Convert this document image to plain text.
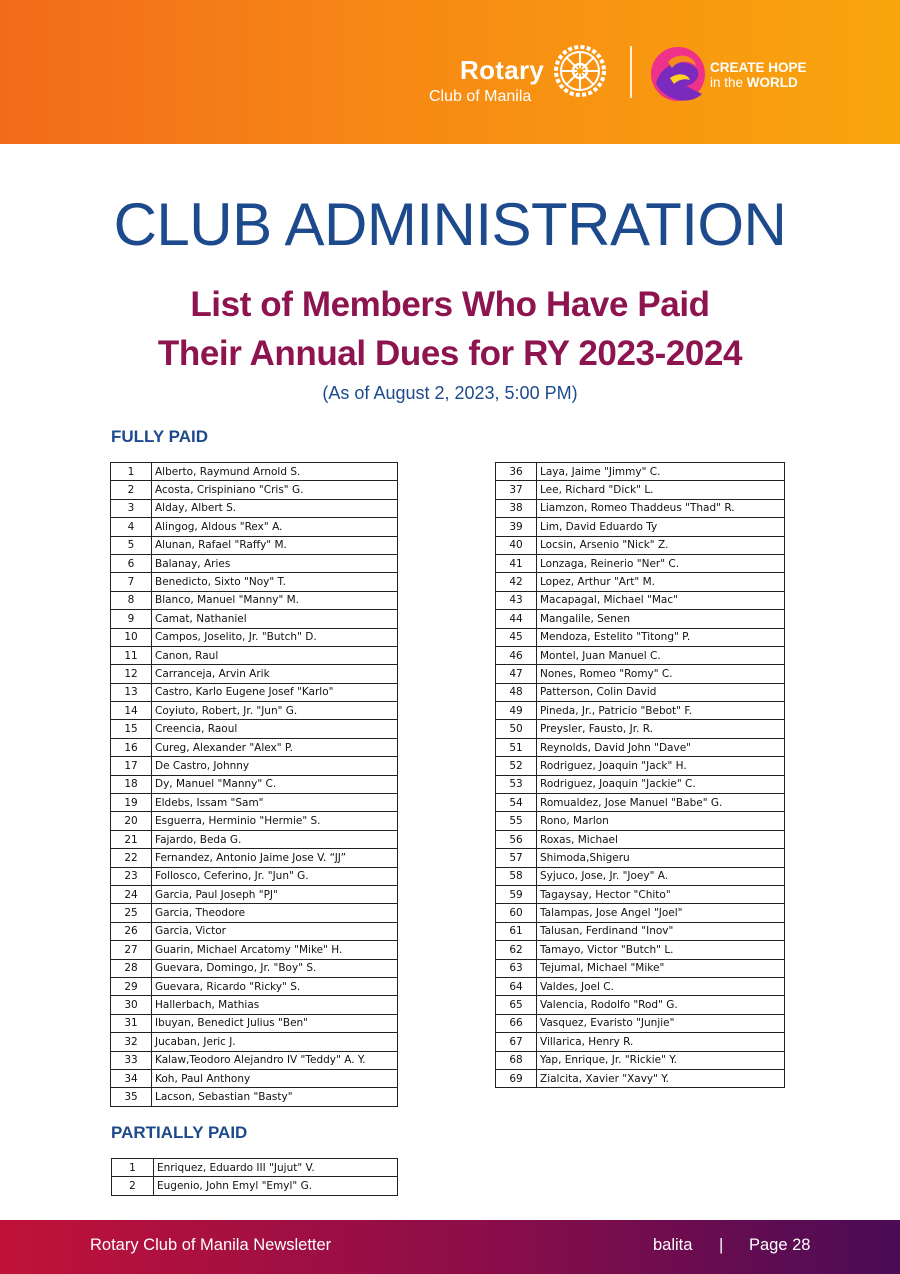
Rotary
Club of Manila
CREATE HOPE
in the WORLD
CLUB ADMINISTRATION
List of Members Who Have Paid
Their Annual Dues for RY 2023-2024
(As of August 2, 2023, 5:00 PM)
FULLY PAID
1	Alberto, Raymund Arnold S.
2	Acosta, Crispiniano "Cris" G.
3	Alday, Albert S.
4	Alingog, Aldous "Rex" A.
5	Alunan, Rafael "Raffy" M.
6	Balanay, Aries
7	Benedicto, Sixto "Noy" T.
8	Blanco, Manuel "Manny" M.
9	Camat, Nathaniel
10	Campos, Joselito, Jr. "Butch" D.
11	Canon, Raul
12	Carranceja, Arvin Arik
13	Castro, Karlo Eugene Josef "Karlo"
14	Coyiuto, Robert, Jr. "Jun" G.
15	Creencia, Raoul
16	Cureg, Alexander "Alex" P.
17	De Castro, Johnny
18	Dy, Manuel "Manny" C.
19	Eldebs, Issam "Sam"
20	Esguerra, Herminio "Hermie" S.
21	Fajardo, Beda G.
22	Fernandez, Antonio Jaime Jose V. “JJ”
23	Follosco, Ceferino, Jr. "Jun" G.
24	Garcia, Paul Joseph "PJ"
25	Garcia, Theodore
26	Garcia, Victor
27	Guarin, Michael Arcatomy "Mike" H.
28	Guevara, Domingo, Jr. "Boy" S.
29	Guevara, Ricardo "Ricky" S.
30	Hallerbach, Mathias
31	Ibuyan, Benedict Julius "Ben"
32	Jucaban, Jeric J.
33	Kalaw,Teodoro Alejandro IV "Teddy" A. Y.
34	Koh, Paul Anthony
35	Lacson, Sebastian "Basty"
36	Laya, Jaime "Jimmy" C.
37	Lee, Richard "Dick" L.
38	Liamzon, Romeo Thaddeus "Thad" R.
39	Lim, David Eduardo Ty
40	Locsin, Arsenio "Nick" Z.
41	Lonzaga, Reinerio "Ner" C.
42	Lopez, Arthur "Art" M.
43	Macapagal, Michael "Mac"
44	Mangalile, Senen
45	Mendoza, Estelito "Titong" P.
46	Montel, Juan Manuel C.
47	Nones, Romeo "Romy" C.
48	Patterson, Colin David
49	Pineda, Jr., Patricio "Bebot" F.
50	Preysler, Fausto, Jr. R.
51	Reynolds, David John "Dave"
52	Rodriguez, Joaquin "Jack" H.
53	Rodriguez, Joaquin "Jackie" C.
54	Romualdez, Jose Manuel "Babe" G.
55	Rono, Marlon
56	Roxas, Michael
57	Shimoda,Shigeru
58	Syjuco, Jose, Jr. "Joey" A.
59	Tagaysay, Hector "Chito"
60	Talampas, Jose Angel "Joel"
61	Talusan, Ferdinand "Inov"
62	Tamayo, Victor "Butch" L.
63	Tejumal, Michael "Mike"
64	Valdes, Joel C.
65	Valencia, Rodolfo "Rod" G.
66	Vasquez, Evaristo "Junjie"
67	Villarica, Henry R.
68	Yap, Enrique, Jr. "Rickie" Y.
69	Zialcita, Xavier "Xavy" Y.
PARTIALLY PAID
1	Enriquez, Eduardo III "Jujut" V.
2	Eugenio, John Emyl "Emyl" G.
Rotary Club of Manila Newsletter	balita | Page 28
